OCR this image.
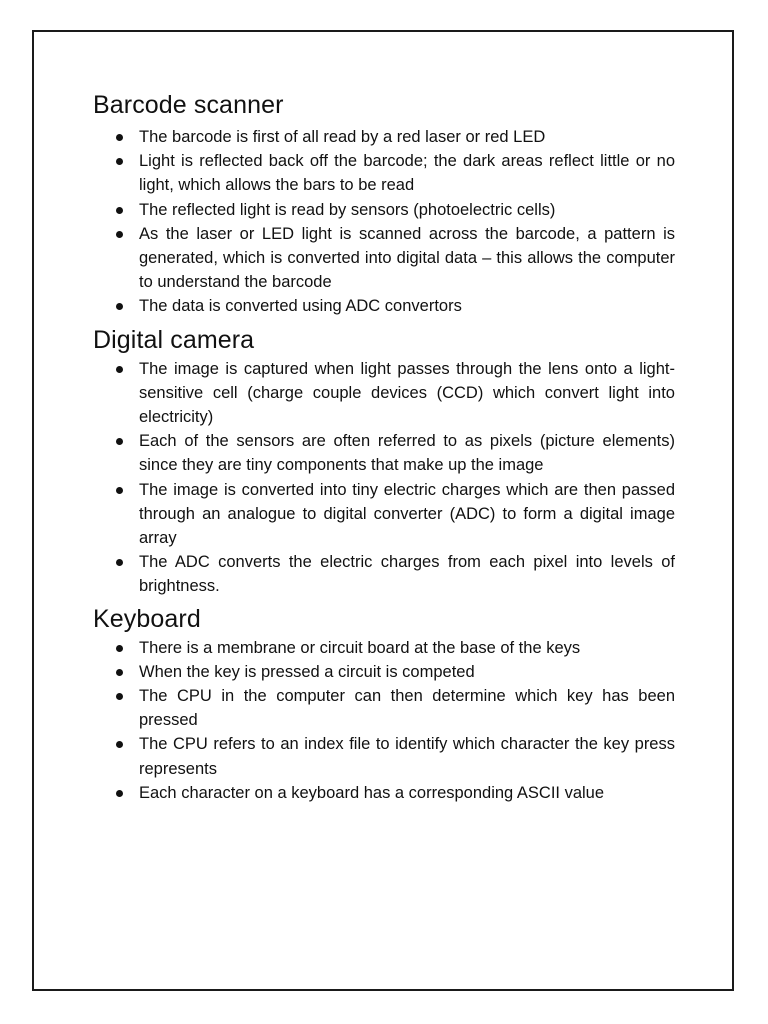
Barcode scanner
The barcode is first of all read by a red laser or red LED
Light is reflected back off the barcode; the dark areas reflect little or no light, which allows the bars to be read
The reflected light is read by sensors (photoelectric cells)
As the laser or LED light is scanned across the barcode, a pattern is generated, which is converted into digital data – this allows the computer to understand the barcode
The data is converted using ADC convertors
Digital camera
The image is captured when light passes through the lens onto a light-sensitive cell (charge couple devices (CCD) which convert light into electricity)
Each of the sensors are often referred to as pixels (picture elements) since they are tiny components that make up the image
The image is converted into tiny electric charges which are then passed through an analogue to digital converter (ADC) to form a digital image array
The ADC converts the electric charges from each pixel into levels of brightness.
Keyboard
There is a membrane or circuit board at the base of the keys
When the key is pressed a circuit is competed
The CPU in the computer can then determine which key has been pressed
The CPU refers to an index file to identify which character the key press represents
Each character on a keyboard has a corresponding ASCII value
